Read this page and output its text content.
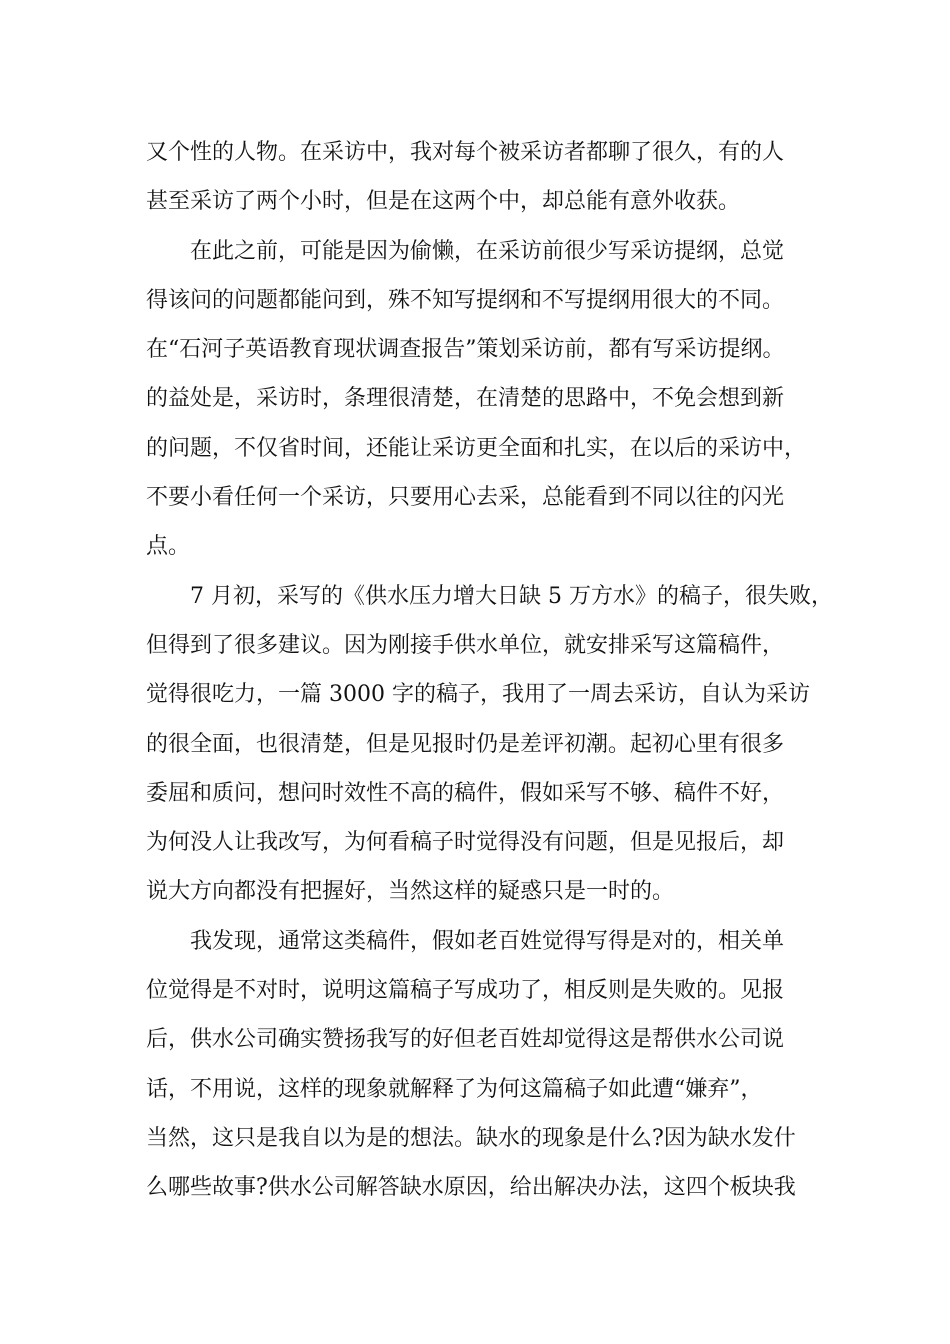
又个性的人物。在采访中，我对每个被采访者都聊了很久，有的人
甚至采访了两个小时，但是在这两个中，却总能有意外收获。
在此之前，可能是因为偷懒，在采访前很少写采访提纲，总觉
得该问的问题都能问到，殊不知写提纲和不写提纲用很大的不同。
在“石河子英语教育现状调查报告”策划采访前，都有写采访提纲。
的益处是，采访时，条理很清楚，在清楚的思路中，不免会想到新
的问题，不仅省时间，还能让采访更全面和扎实，在以后的采访中，
不要小看任何一个采访，只要用心去采，总能看到不同以往的闪光
点。
7 月初，采写的《供水压力增大日缺 5 万方水》的稿子，很失败，
但得到了很多建议。因为刚接手供水单位，就安排采写这篇稿件，
觉得很吃力，一篇 3000 字的稿子，我用了一周去采访，自认为采访
的很全面，也很清楚，但是见报时仍是差评初潮。起初心里有很多
委屈和质问，想问时效性不高的稿件，假如采写不够、稿件不好，
为何没人让我改写，为何看稿子时觉得没有问题，但是见报后，却
说大方向都没有把握好，当然这样的疑惑只是一时的。
我发现，通常这类稿件，假如老百姓觉得写得是对的，相关单
位觉得是不对时，说明这篇稿子写成功了，相反则是失败的。见报
后，供水公司确实赞扬我写的好但老百姓却觉得这是帮供水公司说
话，不用说，这样的现象就解释了为何这篇稿子如此遭“嫌弃”，
当然，这只是我自以为是的想法。缺水的现象是什么?因为缺水发什
么哪些故事?供水公司解答缺水原因，给出解决办法，这四个板块我
